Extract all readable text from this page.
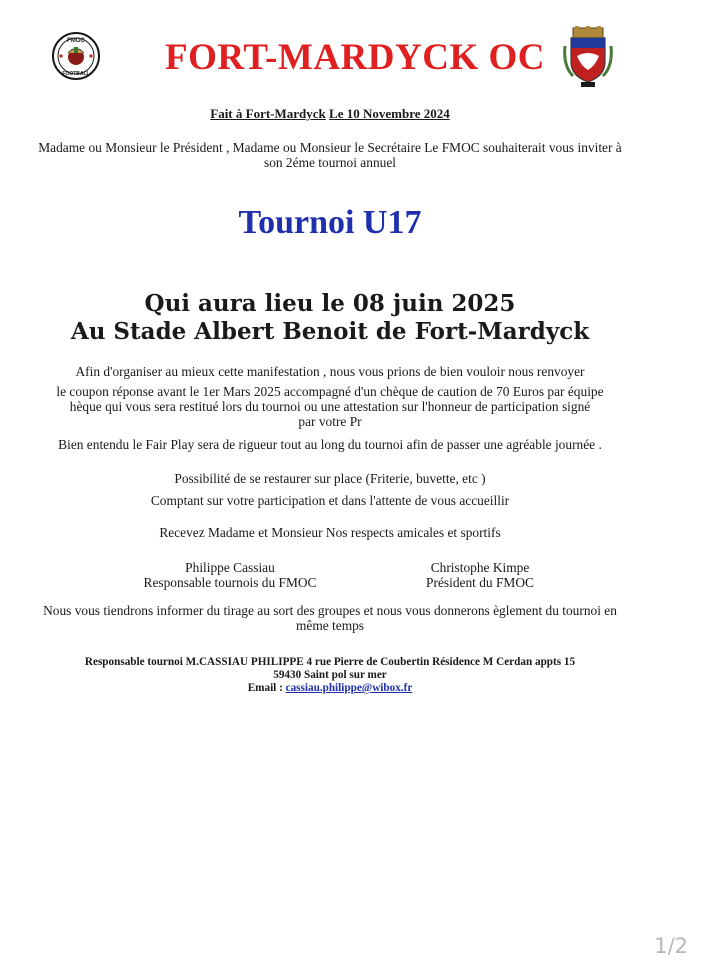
FMOC
FOOTBALL	FORT-MARDYCK OC
Fait à Fort-Mardyck Le 10 Novembre 2024
Madame ou Monsieur le Président , Madame ou Monsieur le Secrétaire Le FMOC souhaiterait vous inviter à son 2éme tournoi annuel
Tournoi U17
Qui aura lieu le 08 juin 2025
Au Stade Albert Benoit de Fort-Mardyck
Afin d'organiser au mieux cette manifestation , nous vous prions de bien vouloir nous renvoyer
le coupon réponse avant le 1er Mars 2025 accompagné d'un chèque de caution de 70 Euros par équipe
hèque qui vous sera restitué lors du tournoi ou une attestation sur l'honneur de participation signé
par votre Pr
Bien entendu le Fair Play sera de rigueur tout au long du tournoi afin de passer une agréable journée .
Possibilité de se restaurer sur place (Friterie, buvette, etc )
Comptant sur votre participation et dans l'attente de vous accueillir
Recevez Madame et Monsieur Nos respects amicales et sportifs
Philippe Cassiau
Responsable tournois du FMOC
Christophe Kimpe
Président du FMOC
Nous vous tiendrons informer du tirage au sort des groupes et nous vous donnerons èglement du tournoi en même temps
Responsable tournoi M.CASSIAU PHILIPPE 4 rue Pierre de Coubertin Résidence M Cerdan appts 15
59430 Saint pol sur mer
Email : cassiau.philippe@wibox.fr
1/2
